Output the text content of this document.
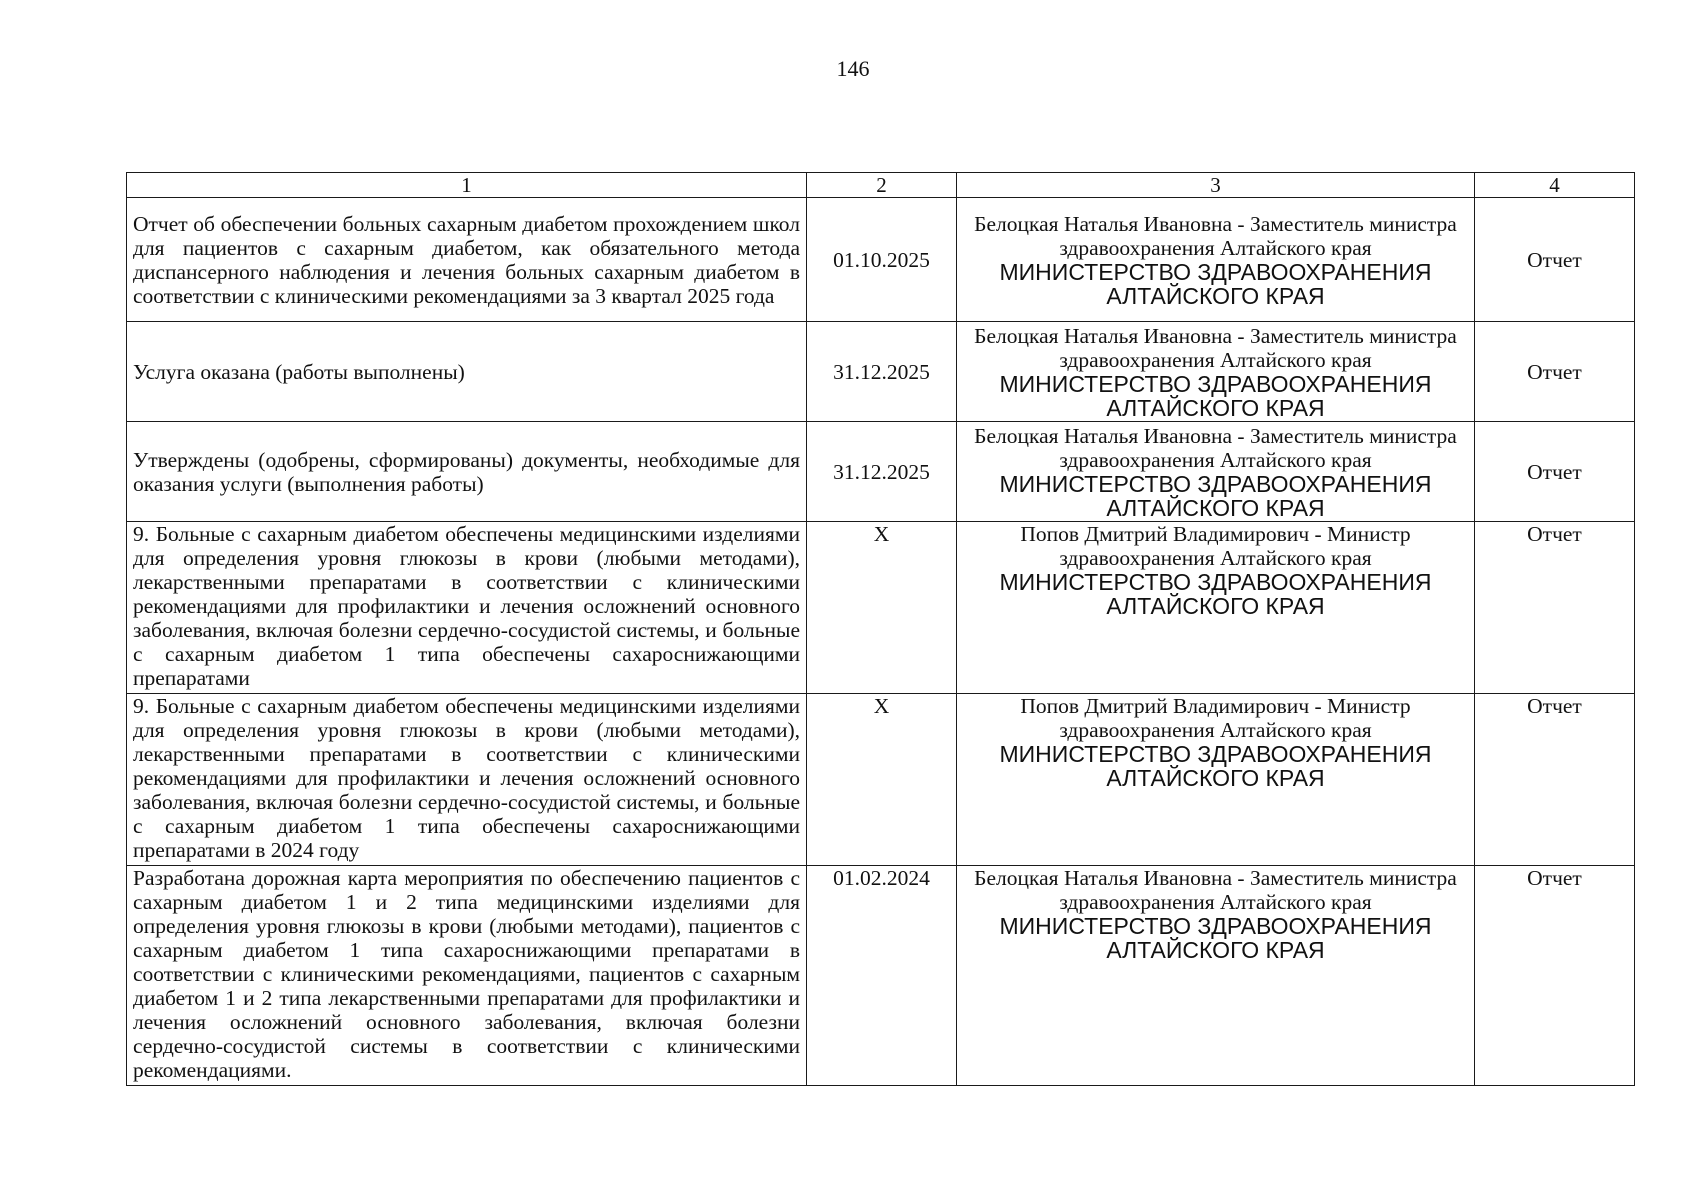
146
1	2	3	4
Отчет об обеспечении больных сахарным диабетом прохождением школ для пациентов с сахарным диабетом, как обязательного метода диспансерного наблюдения и лечения больных сахарным диабетом в соответствии с клиническими рекомендациями за 3 квартал 2025 года	01.10.2025	Белоцкая Наталья Ивановна - Заместитель министра здравоохранения Алтайского края
МИНИСТЕРСТВО ЗДРАВООХРАНЕНИЯ АЛТАЙСКОГО КРАЯ	Отчет
Услуга оказана (работы выполнены)	31.12.2025	Белоцкая Наталья Ивановна - Заместитель министра здравоохранения Алтайского края
МИНИСТЕРСТВО ЗДРАВООХРАНЕНИЯ АЛТАЙСКОГО КРАЯ	Отчет
Утверждены (одобрены, сформированы) документы, необходимые для оказания услуги (выполнения работы)	31.12.2025	Белоцкая Наталья Ивановна - Заместитель министра здравоохранения Алтайского края
МИНИСТЕРСТВО ЗДРАВООХРАНЕНИЯ АЛТАЙСКОГО КРАЯ	Отчет
9. Больные с сахарным диабетом обеспечены медицинскими изделиями для определения уровня глюкозы в крови (любыми методами), лекарственными препаратами в соответствии с клиническими рекомендациями для профилактики и лечения осложнений основного заболевания, включая болезни сердечно-сосудистой системы, и больные с сахарным диабетом 1 типа обеспечены сахароснижающими препаратами	X	Попов Дмитрий Владимирович - Министр здравоохранения Алтайского края
МИНИСТЕРСТВО ЗДРАВООХРАНЕНИЯ АЛТАЙСКОГО КРАЯ	Отчет
9. Больные с сахарным диабетом обеспечены медицинскими изделиями для определения уровня глюкозы в крови (любыми методами), лекарственными препаратами в соответствии с клиническими рекомендациями для профилактики и лечения осложнений основного заболевания, включая болезни сердечно-сосудистой системы, и больные с сахарным диабетом 1 типа обеспечены сахароснижающими препаратами в 2024 году	X	Попов Дмитрий Владимирович - Министр здравоохранения Алтайского края
МИНИСТЕРСТВО ЗДРАВООХРАНЕНИЯ АЛТАЙСКОГО КРАЯ	Отчет
Разработана дорожная карта мероприятия по обеспечению пациентов с сахарным диабетом 1 и 2 типа медицинскими изделиями для определения уровня глюкозы в крови (любыми методами), пациентов с сахарным диабетом 1 типа сахароснижающими препаратами в соответствии с клиническими рекомендациями, пациентов с сахарным диабетом 1 и 2 типа лекарственными препаратами для профилактики и лечения осложнений основного заболевания, включая болезни сердечно-сосудистой системы в соответствии с клиническими рекомендациями.	01.02.2024	Белоцкая Наталья Ивановна - Заместитель министра здравоохранения Алтайского края
МИНИСТЕРСТВО ЗДРАВООХРАНЕНИЯ АЛТАЙСКОГО КРАЯ	Отчет
